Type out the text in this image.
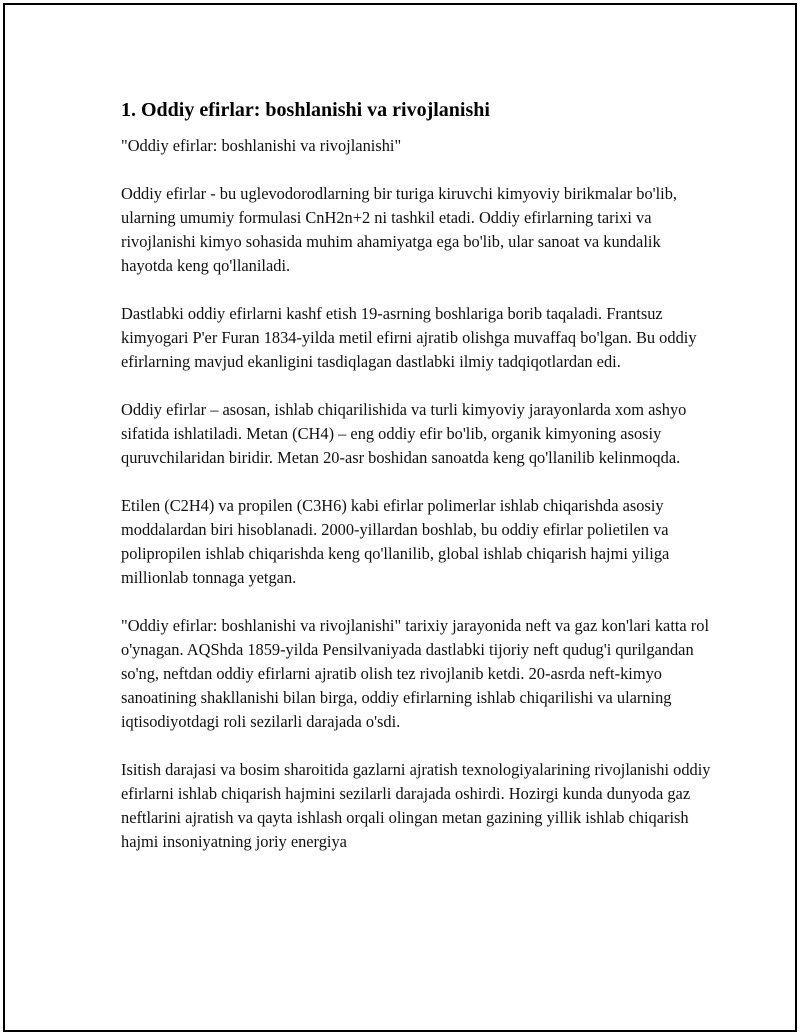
1. Oddiy efirlar: boshlanishi va rivojlanishi

"Oddiy efirlar: boshlanishi va rivojlanishi"

Oddiy efirlar - bu uglevodorodlarning bir turiga kiruvchi kimyoviy birikmalar bo'lib, ularning umumiy formulasi CnH2n+2 ni tashkil etadi. Oddiy efirlarning tarixi va rivojlanishi kimyo sohasida muhim ahamiyatga ega bo'lib, ular sanoat va kundalik hayotda keng qo'llaniladi.

Dastlabki oddiy efirlarni kashf etish 19-asrning boshlariga borib taqaladi. Frantsuz kimyogari P'er Furan 1834-yilda metil efirni ajratib olishga muvaffaq bo'lgan. Bu oddiy efirlarning mavjud ekanligini tasdiqlagan dastlabki ilmiy tadqiqotlardan edi.

Oddiy efirlar – asosan, ishlab chiqarilishida va turli kimyoviy jarayonlarda xom ashyo sifatida ishlatiladi. Metan (CH4) – eng oddiy efir bo'lib, organik kimyoning asosiy quruvchilaridan biridir. Metan 20-asr boshidan sanoatda keng qo'llanilib kelinmoqda.

Etilen (C2H4) va propilen (C3H6) kabi efirlar polimerlar ishlab chiqarishda asosiy moddalardan biri hisoblanadi. 2000-yillardan boshlab, bu oddiy efirlar polietilen va polipropilen ishlab chiqarishda keng qo'llanilib, global ishlab chiqarish hajmi yiliga millionlab tonnaga yetgan.

"Oddiy efirlar: boshlanishi va rivojlanishi" tarixiy jarayonida neft va gaz kon'lari katta rol o'ynagan. AQShda 1859-yilda Pensilvaniyada dastlabki tijoriy neft qudug'i qurilgandan so'ng, neftdan oddiy efirlarni ajratib olish tez rivojlanib ketdi. 20-asrda neft-kimyo sanoatining shakllanishi bilan birga, oddiy efirlarning ishlab chiqarilishi va ularning iqtisodiyotdagi roli sezilarli darajada o'sdi.

Isitish darajasi va bosim sharoitida gazlarni ajratish texnologiyalarining rivojlanishi oddiy efirlarni ishlab chiqarish hajmini sezilarli darajada oshirdi. Hozirgi kunda dunyoda gaz neftlarini ajratish va qayta ishlash orqali olingan metan gazining yillik ishlab chiqarish hajmi insoniyatning joriy energiya
